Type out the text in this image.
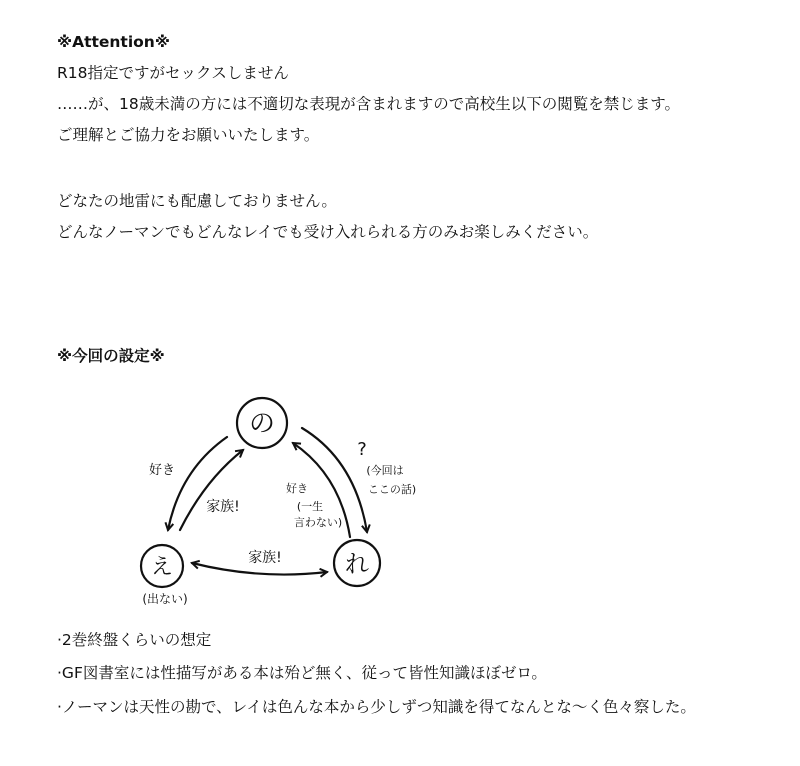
※Attention※
R18指定ですがセックスしません
……が、18歳未満の方には不適切な表現が含まれますので高校生以下の閲覧を禁じます。
ご理解とご協力をお願いいたします。
どなたの地雷にも配慮しておりません。
どんなノーマンでもどんなレイでも受け入れられる方のみお楽しみください。
※今回の設定※
の
え	れ
(出ない)
好き
家族!
家族!
好き
(一生
言わない)
?
(今回は
ここの話)
·2巻終盤くらいの想定
·GF図書室には性描写がある本は殆ど無く、従って皆性知識ほぼゼロ。
·ノーマンは天性の勘で、レイは色んな本から少しずつ知識を得てなんとな〜く色々察した。
